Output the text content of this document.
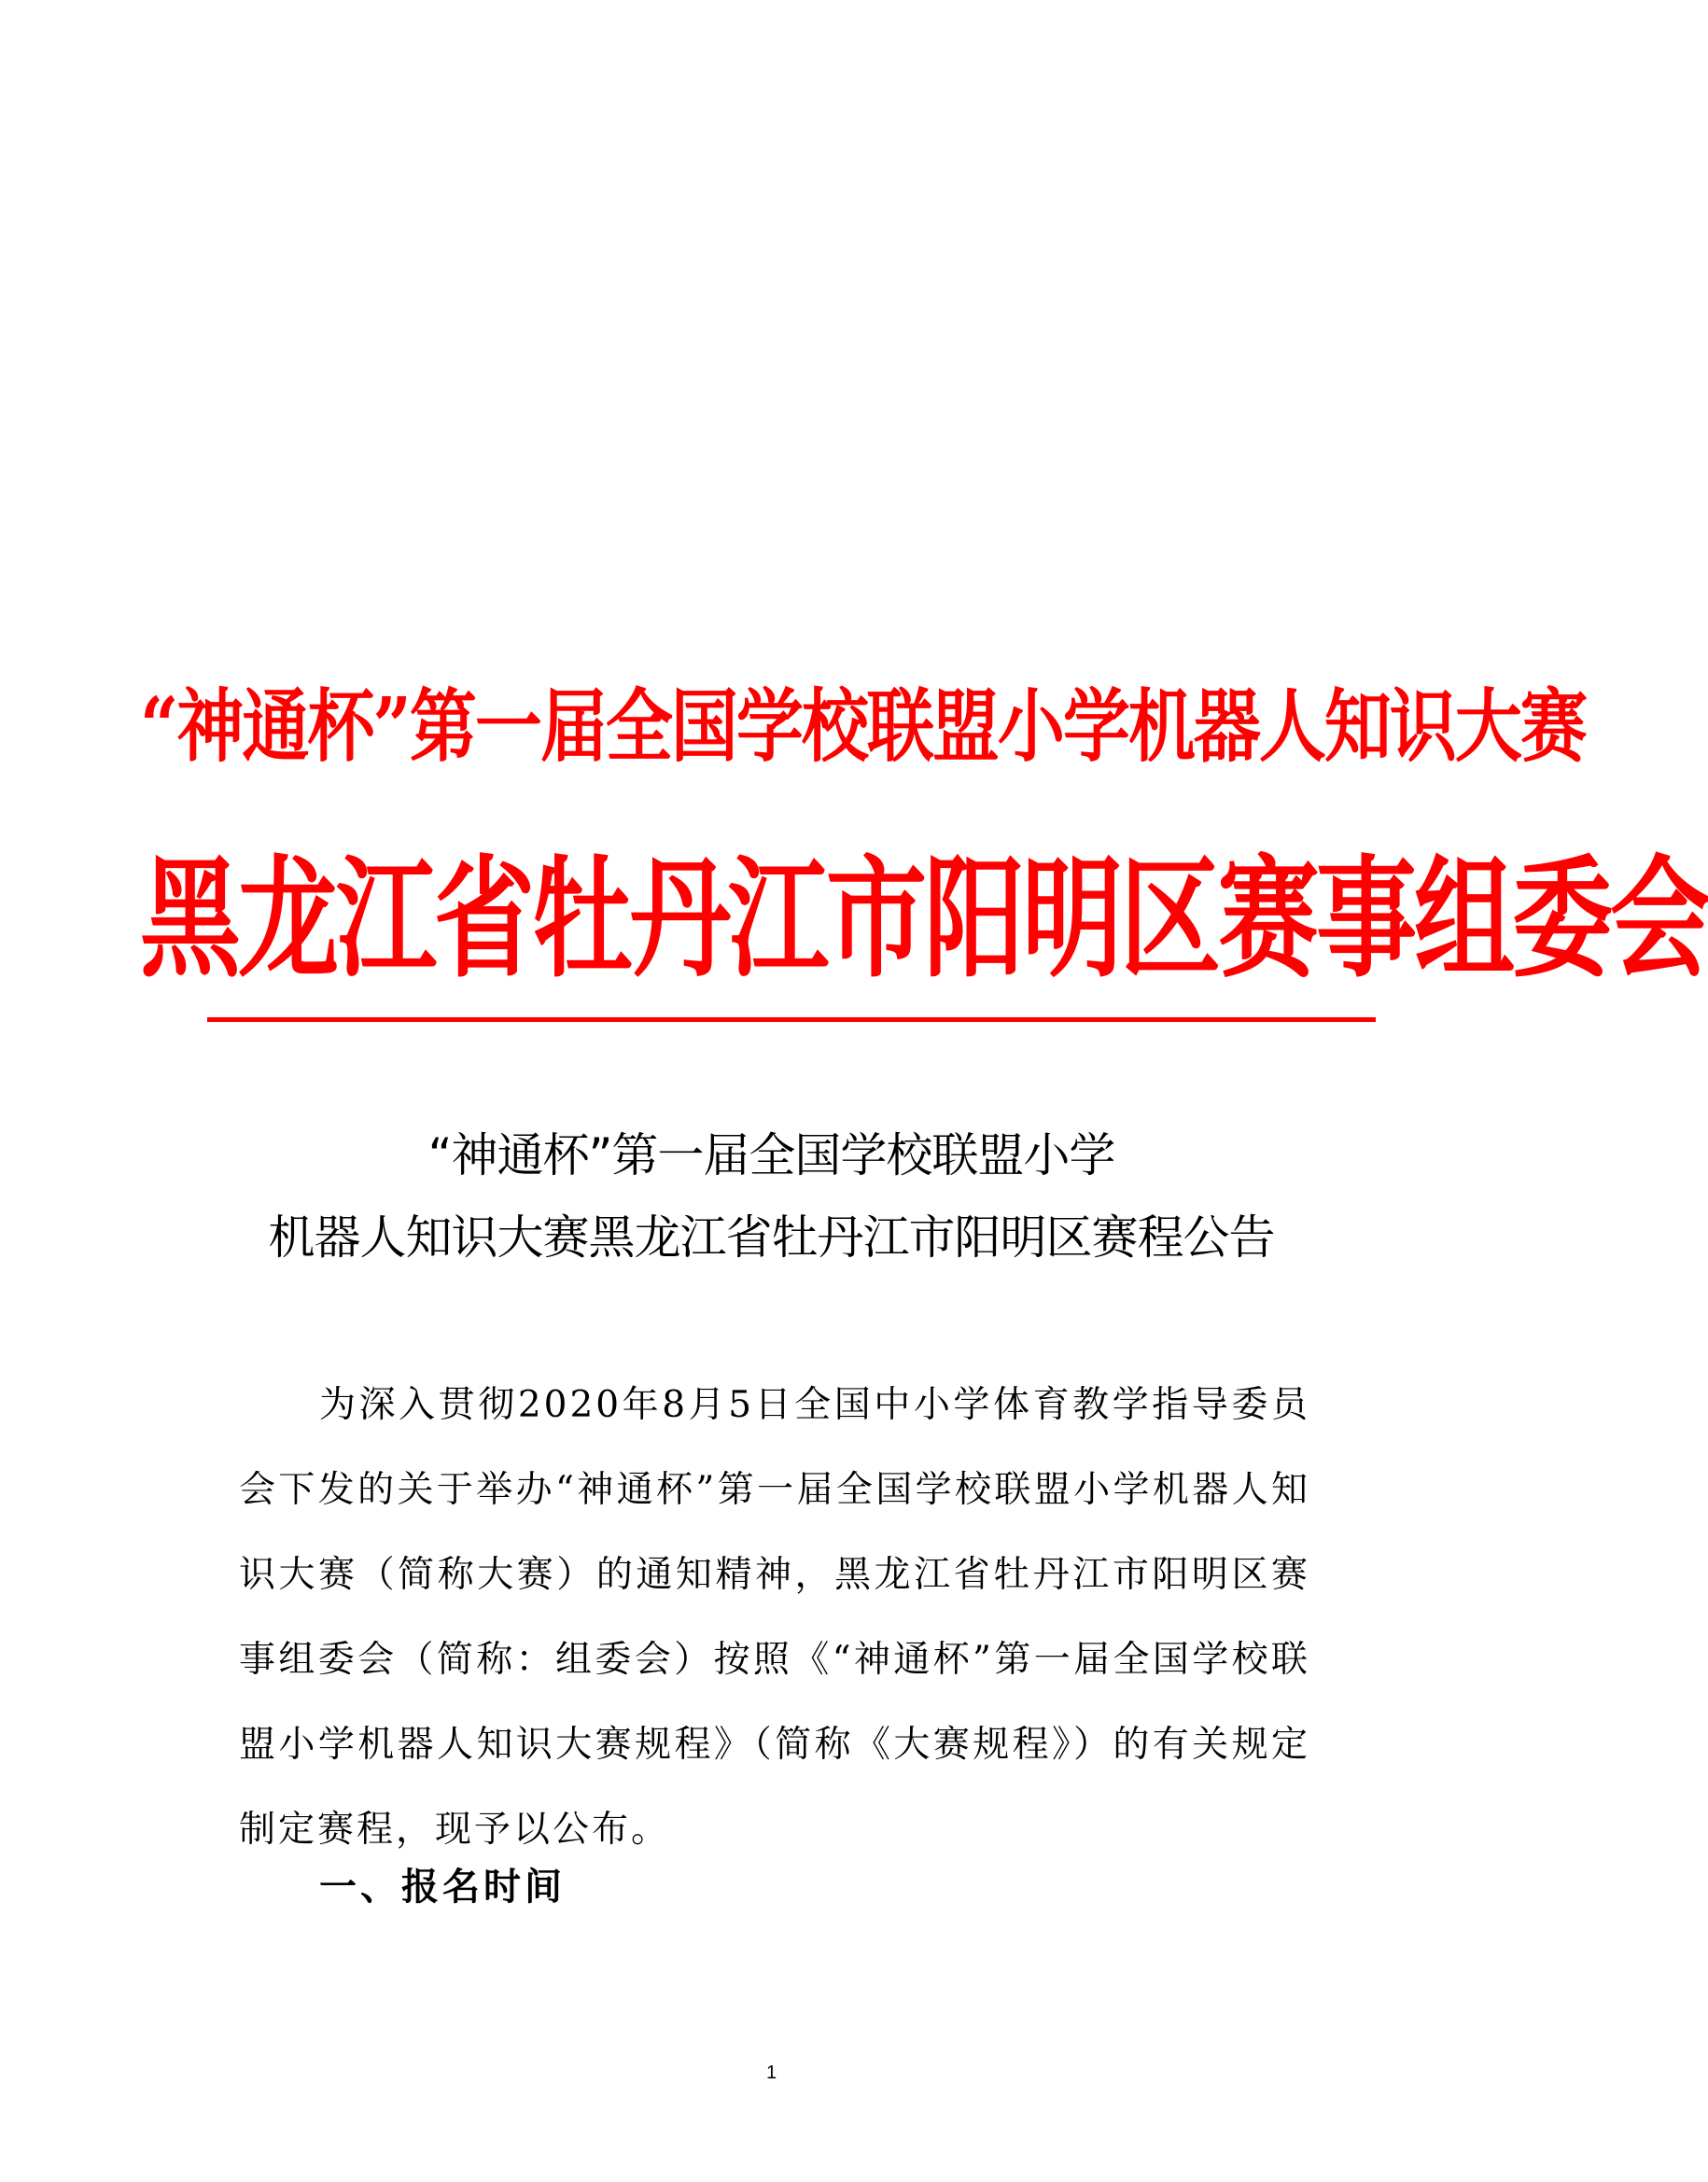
“神通杯”第一届全国学校联盟小学机器人知识大赛
黑龙江省牡丹江市阳明区赛事组委会
“神通杯”第一届全国学校联盟小学
机器人知识大赛黑龙江省牡丹江市阳明区赛程公告
为深入贯彻2020年8月5日全国中小学体育教学指导委员会下发的关于举办“神通杯”第一届全国学校联盟小学机器人知识大赛（简称大赛）的通知精神，黑龙江省牡丹江市阳明区赛事组委会（简称：组委会）按照《“神通杯”第一届全国学校联盟小学机器人知识大赛规程》（简称《大赛规程》）的有关规定制定赛程，现予以公布。
一、报名时间
1
